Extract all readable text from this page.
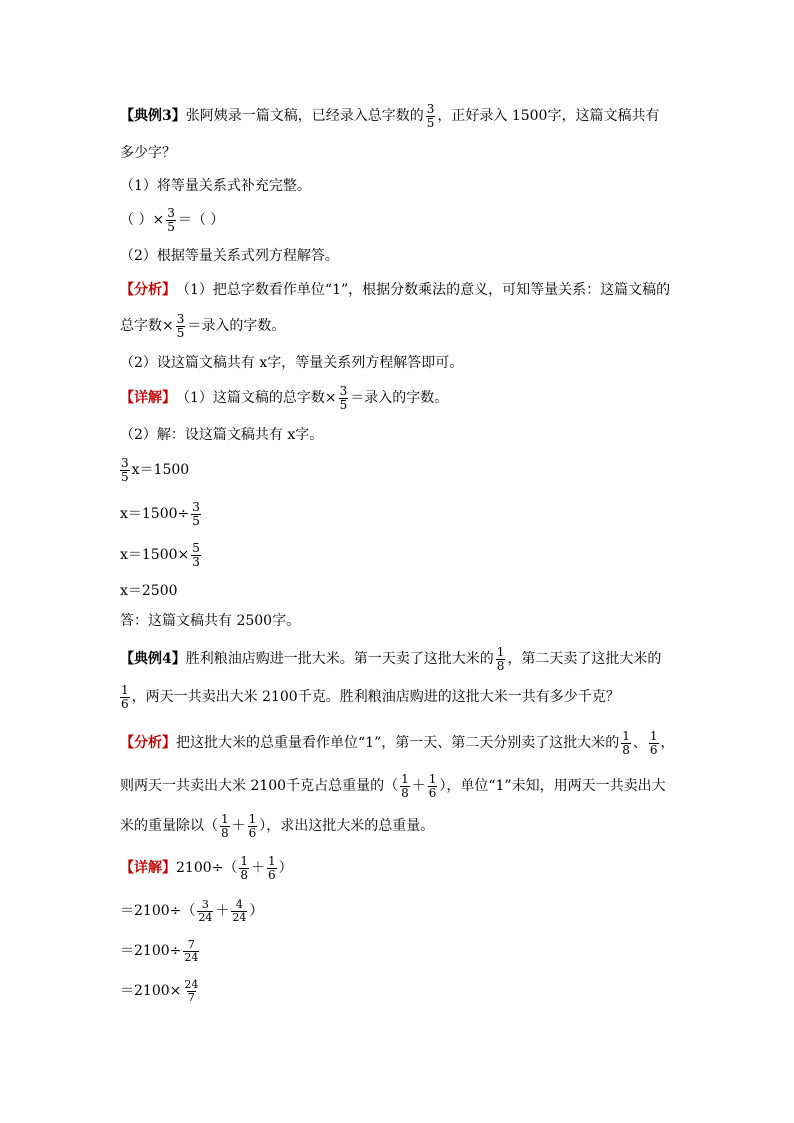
【典例3】 张阿姨录一篇文稿，已经录入总字数的 $\frac{3}{5}$ ，正好录入 1500字，这篇文稿共有
多少字？
（1）将等量关系式补充完整。
（ ）× $\frac{3}{5}$ ＝（ ）
（2）根据等量关系式列方程解答。
【分析】 （1）把总字数看作单位“1”，根据分数乘法的意义，可知等量关系：这篇文稿的
总字数× $\frac{3}{5}$ ＝录入的字数。
（2）设这篇文稿共有 x字，等量关系列方程解答即可。
【详解】 （1）这篇文稿的总字数× $\frac{3}{5}$ ＝录入的字数。
（2）解：设这篇文稿共有 x字。
$\frac{3}{5} x=1500$
$x=1500\div \frac{3}{5}$
$x=1500\times \frac{5}{3}$
x＝2500
答：这篇文稿共有 2500字。
【典例4】 胜利粮油店购进一批大米。第一天卖了这批大米的 $\frac{1}{8}$ ，第二天卖了这批大米的
$\frac{1}{6}$ ，两天一共卖出大米 2100千克。胜利粮油店购进的这批大米一共有多少千克？
【分析】 把这批大米的总重量看作单位“1”，第一天、第二天分别卖了这批大米的 $\frac{1}{8}$ 、 $\frac{1}{6}$ ，
则两天一共卖出大米 2100千克占总重量的（ $\frac{1}{8} + \frac{1}{6}$ ），单位“1”未知，用两天一共卖出大
米的重量除以（ $\frac{1}{8} + \frac{1}{6}$ ），求出这批大米的总重量。
【详解】 $2100\div( \frac{1}{8} + \frac{1}{6}$ ）
$=2100\div( \frac{3}{24} + \frac{4}{24}$ ）
$=2100\div \frac{7}{24}$
$=2100\times \frac{24}{7}$
